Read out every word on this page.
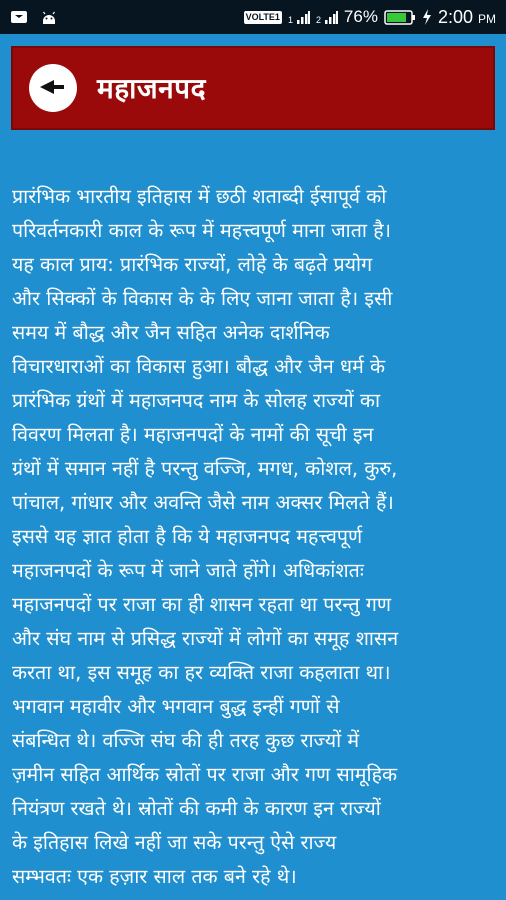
VOLTE1 1	2 76%	2:00 PM
महाजनपद

प्रारंभिक भारतीय इतिहास में छठी शताब्दी ईसापूर्व को
परिवर्तनकारी काल के रूप में महत्त्वपूर्ण माना जाता है।
यह काल प्राय: प्रारंभिक राज्यों, लोहे के बढ़ते प्रयोग
और सिक्कों के विकास के के लिए जाना जाता है। इसी
समय में बौद्ध और जैन सहित अनेक दार्शनिक
विचारधाराओं का विकास हुआ। बौद्ध और जैन धर्म के
प्रारंभिक ग्रंथों में महाजनपद नाम के सोलह राज्यों का
विवरण मिलता है। महाजनपदों के नामों की सूची इन
ग्रंथों में समान नहीं है परन्तु वज्जि, मगध, कोशल, कुरु,
पांचाल, गांधार और अवन्ति जैसे नाम अक्सर मिलते हैं।
इससे यह ज्ञात होता है कि ये महाजनपद महत्त्वपूर्ण
महाजनपदों के रूप में जाने जाते होंगे। अधिकांशतः
महाजनपदों पर राजा का ही शासन रहता था परन्तु गण
और संघ नाम से प्रसिद्ध राज्यों में लोगों का समूह शासन
करता था, इस समूह का हर व्यक्ति राजा कहलाता था।
भगवान महावीर और भगवान बुद्ध इन्हीं गणों से
संबन्धित थे। वज्जि संघ की ही तरह कुछ राज्यों में
ज़मीन सहित आर्थिक स्रोतों पर राजा और गण सामूहिक
नियंत्रण रखते थे। स्रोतों की कमी के कारण इन राज्यों
के इतिहास लिखे नहीं जा सके परन्तु ऐसे राज्य
सम्भवतः एक हज़ार साल तक बने रहे थे।
